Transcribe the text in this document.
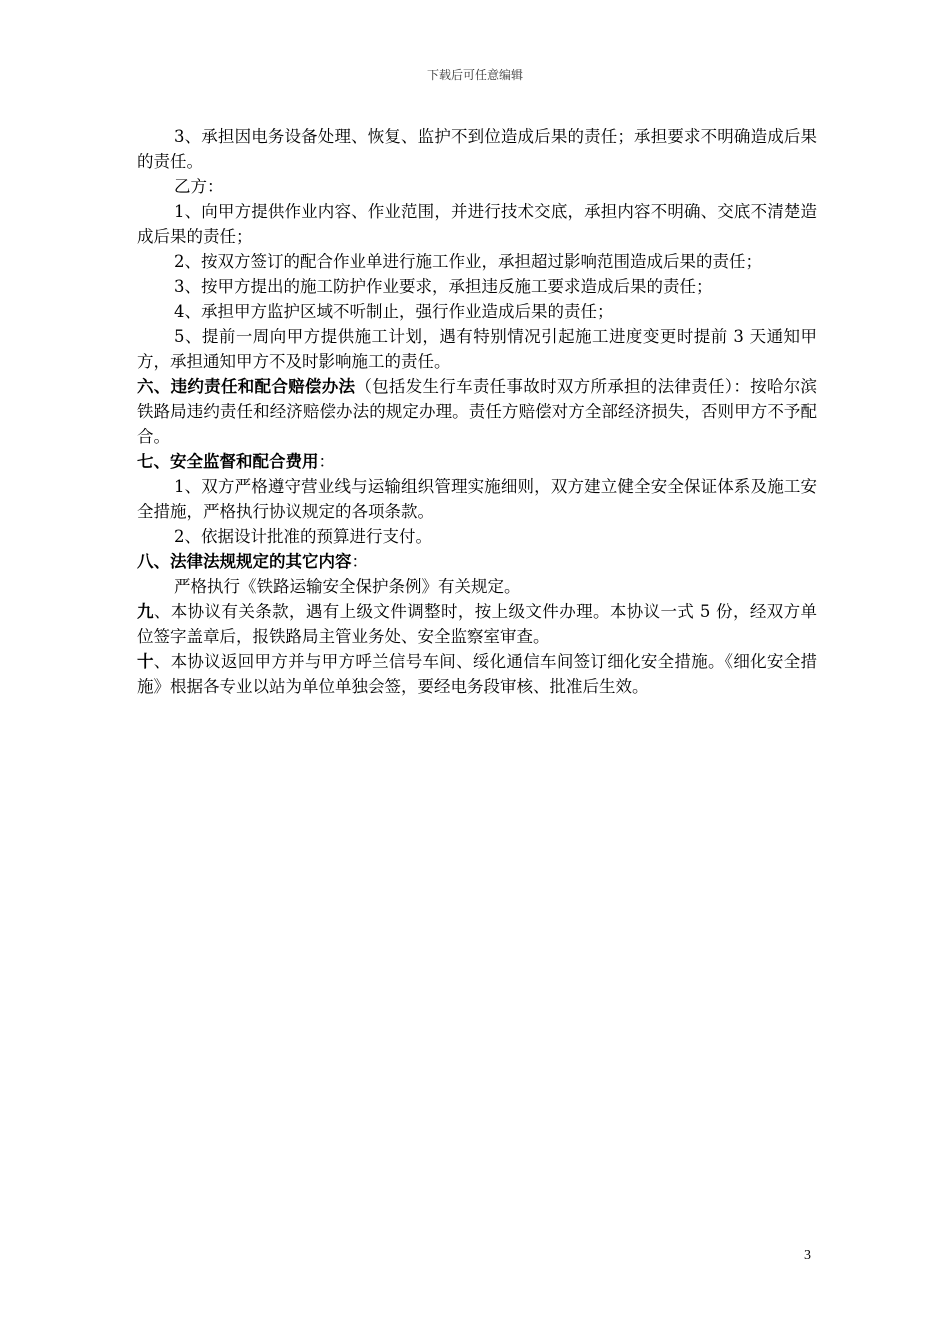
下载后可任意编辑

3、承担因电务设备处理、恢复、监护不到位造成后果的责任；承担要求不明确造成后果的责任。

乙方：

1、向甲方提供作业内容、作业范围，并进行技术交底，承担内容不明确、交底不清楚造成后果的责任；

2、按双方签订的配合作业单进行施工作业，承担超过影响范围造成后果的责任；

3、按甲方提出的施工防护作业要求，承担违反施工要求造成后果的责任；

4、承担甲方监护区域不听制止，强行作业造成后果的责任；

5、提前一周向甲方提供施工计划，遇有特别情况引起施工进度变更时提前 3 天通知甲方，承担通知甲方不及时影响施工的责任。

六、违约责任和配合赔偿办法（包括发生行车责任事故时双方所承担的法律责任）：按哈尔滨铁路局违约责任和经济赔偿办法的规定办理。责任方赔偿对方全部经济损失，否则甲方不予配合。

七、安全监督和配合费用：

1、双方严格遵守营业线与运输组织管理实施细则，双方建立健全安全保证体系及施工安全措施，严格执行协议规定的各项条款。

2、依据设计批准的预算进行支付。

八、法律法规规定的其它内容：

严格执行《铁路运输安全保护条例》有关规定。

九、本协议有关条款，遇有上级文件调整时，按上级文件办理。本协议一式 5 份，经双方单位签字盖章后，报铁路局主管业务处、安全监察室审查。

十、本协议返回甲方并与甲方呼兰信号车间、绥化通信车间签订细化安全措施。《细化安全措施》根据各专业以站为单位单独会签，要经电务段审核、批准后生效。

3
